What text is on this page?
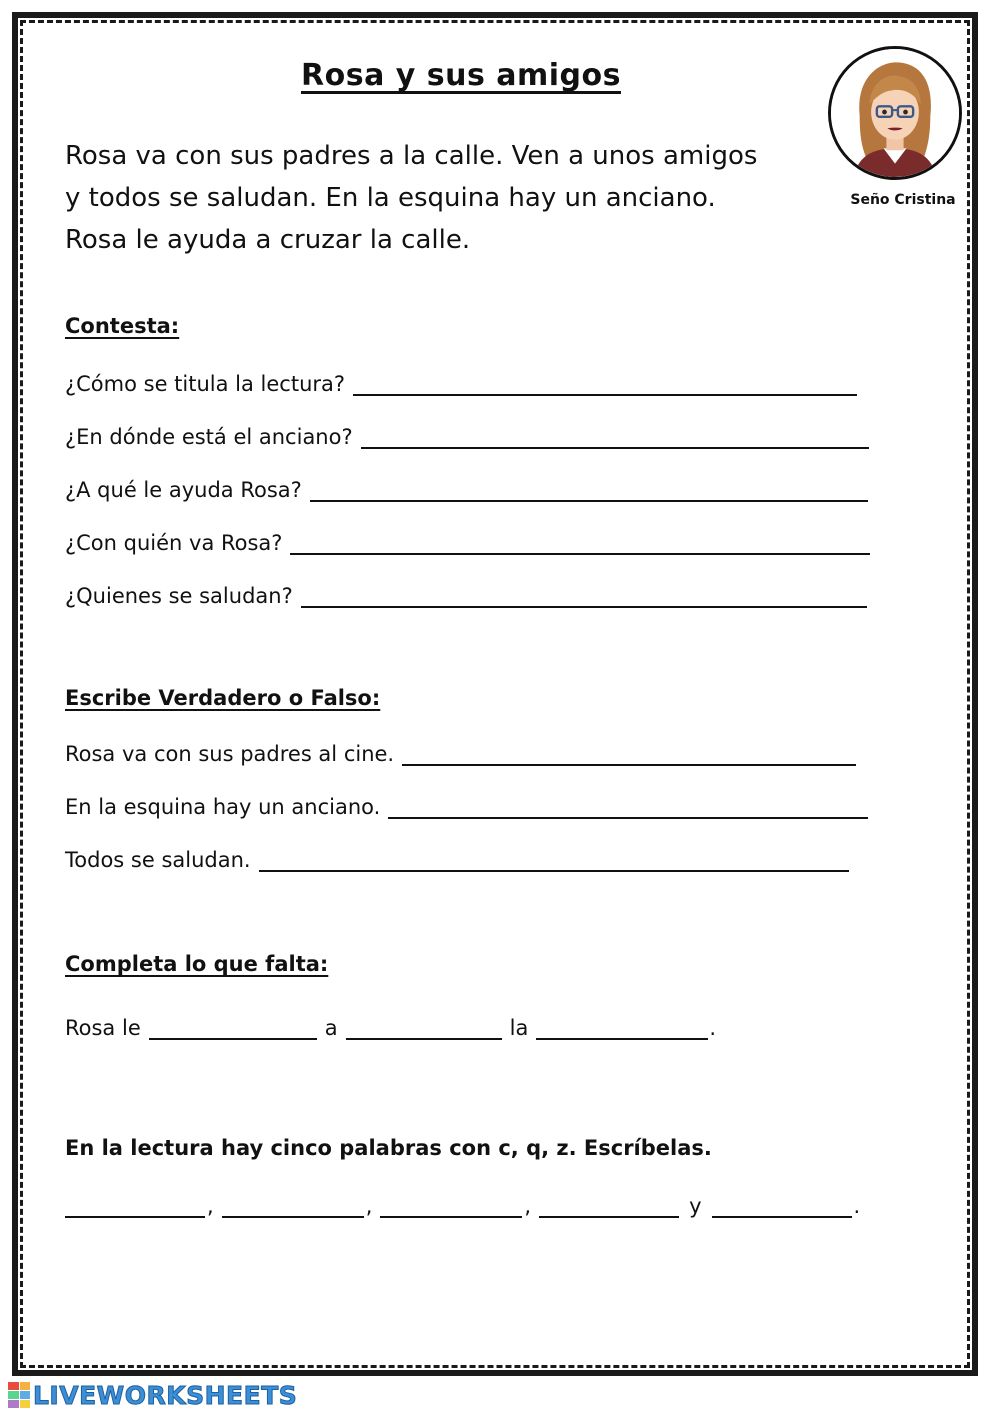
Rosa y sus amigos
Seño Cristina

Rosa va con sus padres a la calle. Ven a unos amigos

y todos se saludan. En la esquina hay un anciano.

Rosa le ayuda a cruzar la calle.

Contesta:
¿Cómo se titula la lectura?
¿En dónde está el anciano?
¿A qué le ayuda Rosa?
¿Con quién va Rosa?
¿Quienes se saludan?
Escribe Verdadero o Falso:
Rosa va con sus padres al cine.
En la esquina hay un anciano.
Todos se saludan.
Completa lo que falta:
Rosa le	a	la	.
En la lectura hay cinco palabras con c, q, z. Escríbelas.
,	,	,	y	.
LIVEWORKSHEETS
